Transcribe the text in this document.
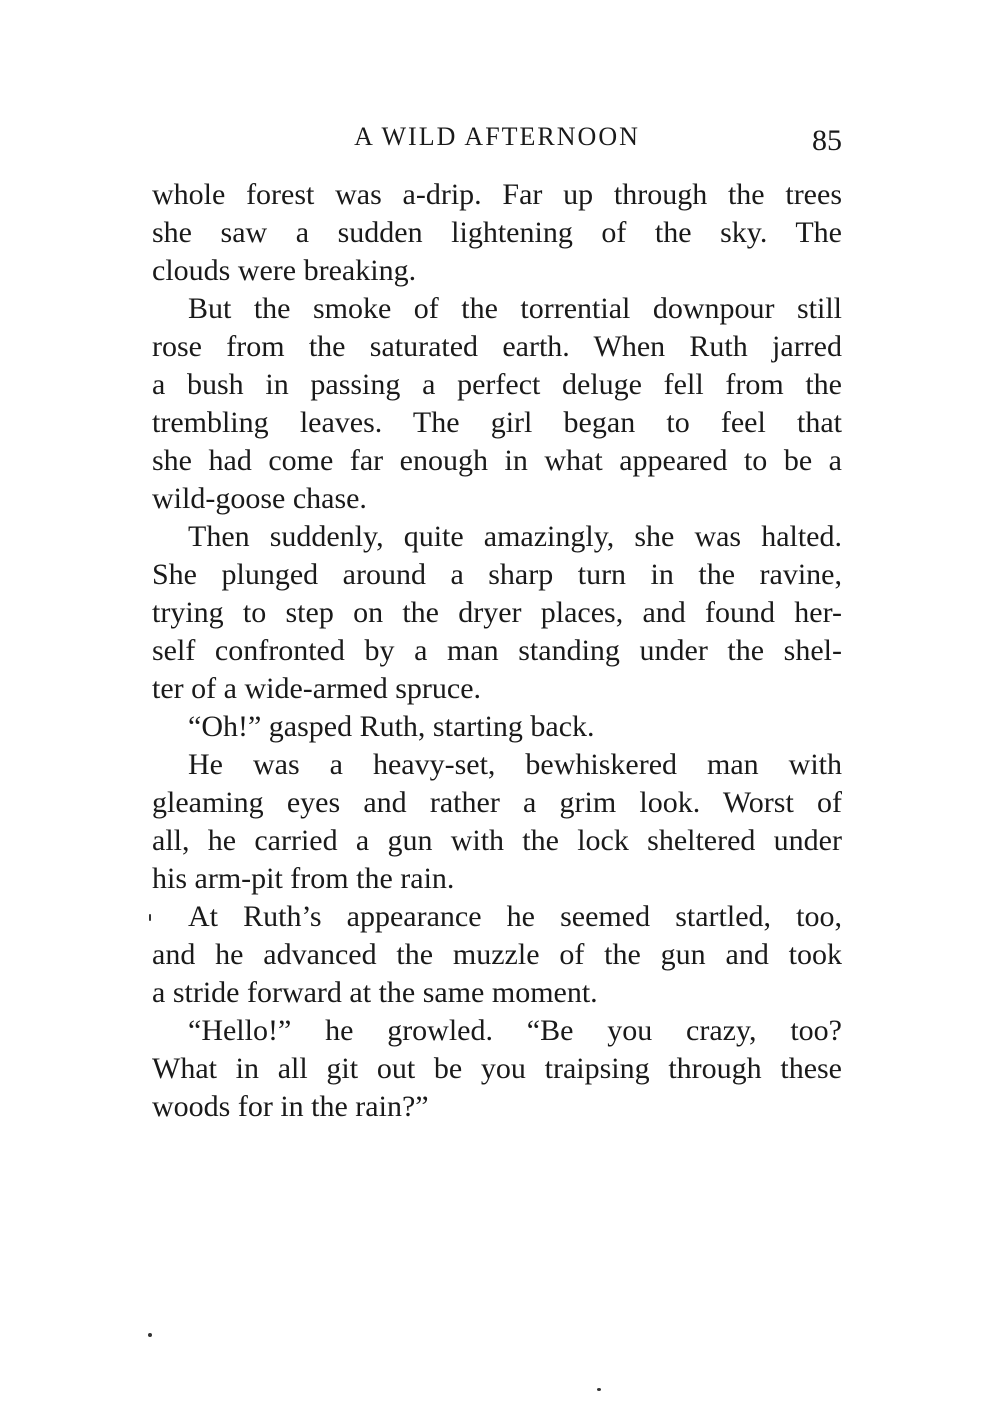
A WILD AFTERNOON	85
whole forest was a-drip. Far up through the trees
she saw a sudden lightening of the sky. The
clouds were breaking.
But the smoke of the torrential downpour still
rose from the saturated earth. When Ruth jarred
a bush in passing a perfect deluge fell from the
trembling leaves. The girl began to feel that
she had come far enough in what appeared to be a
wild-goose chase.
Then suddenly, quite amazingly, she was halted.
She plunged around a sharp turn in the ravine,
trying to step on the dryer places, and found her-
self confronted by a man standing under the shel-
ter of a wide-armed spruce.
“Oh!” gasped Ruth, starting back.
He was a heavy-set, bewhiskered man with
gleaming eyes and rather a grim look. Worst of
all, he carried a gun with the lock sheltered under
his arm-pit from the rain.
At Ruth’s appearance he seemed startled, too,
and he advanced the muzzle of the gun and took
a stride forward at the same moment.
“Hello!” he growled. “Be you crazy, too?
What in all git out be you traipsing through these
woods for in the rain?”
